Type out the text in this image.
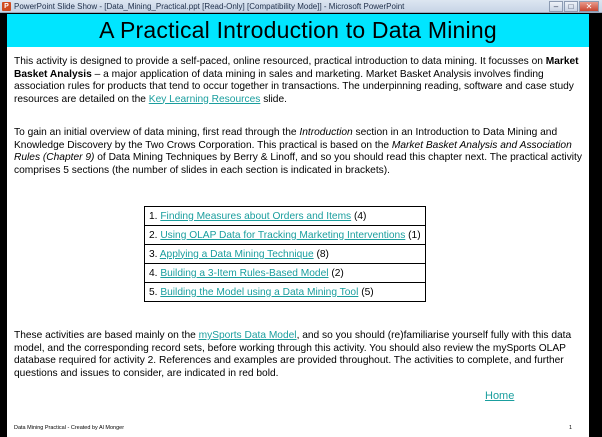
P PowerPoint Slide Show - [Data_Mining_Practical.ppt [Read-Only] [Compatibility Mode]] - Microsoft PowerPoint	–	□	✕
A Practical Introduction to Data Mining

This activity is designed to provide a self-paced, online resourced, practical introduction to data mining. It focusses on Market Basket Analysis – a major application of data mining in sales and marketing. Market Basket Analysis involves finding association rules for products that tend to occur together in transactions. The underpinning reading, software and case study resources are detailed on the Key Learning Resources slide.

To gain an initial overview of data mining, first read through the Introduction section in an Introduction to Data Mining and Knowledge Discovery by the Two Crows Corporation. This practical is based on the Market Basket Analysis and Association Rules (Chapter 9) of Data Mining Techniques by Berry & Linoff, and so you should read this chapter next. The practical activity comprises 5 sections (the number of slides in each section is indicated in brackets).

1. Finding Measures about Orders and Items (4)
2. Using OLAP Data for Tracking Marketing Interventions (1)
3. Applying a Data Mining Technique (8)
4. Building a 3-Item Rules-Based Model (2)
5. Building the Model using a Data Mining Tool (5)

These activities are based mainly on the mySports Data Model, and so you should (re)familiarise yourself fully with this data model, and the corresponding record sets, before working through this activity. You should also review the mySports OLAP database required for activity 2. References and examples are provided throughout. The activities to complete, and further questions and issues to consider, are indicated in red bold.

Home
Data Mining Practical - Created by Al Monger	1
